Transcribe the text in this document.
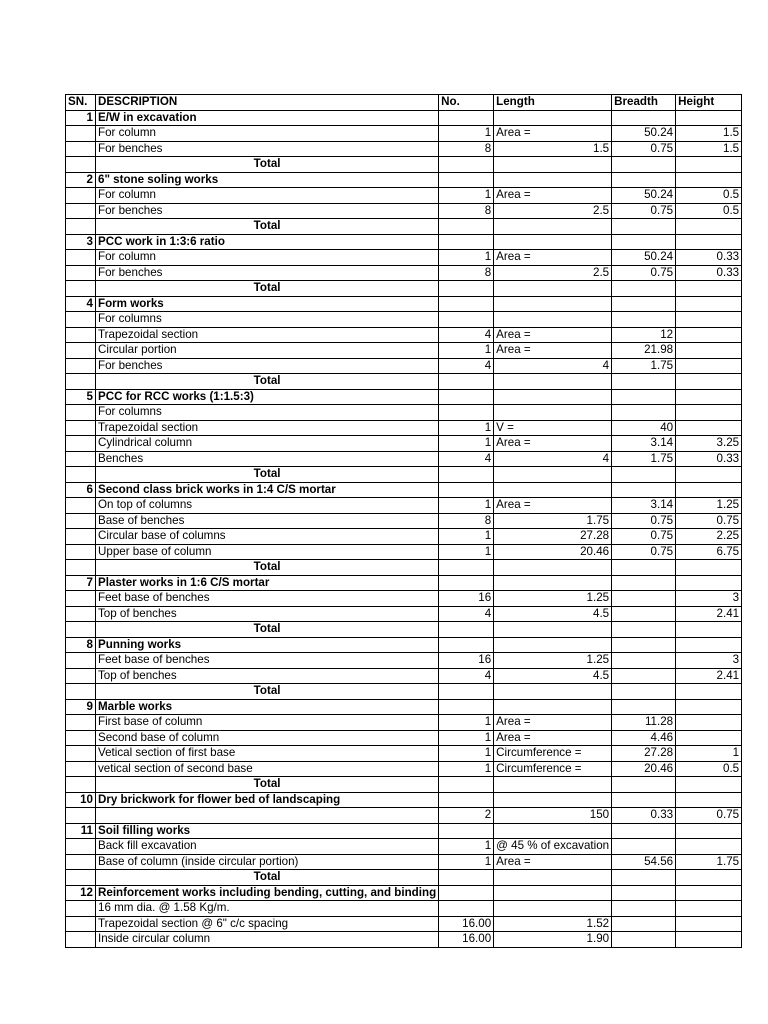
SN.	DESCRIPTION	No.	Length	Breadth	Height
1	E/W in excavation				
	For column	1	Area =	50.24	1.5
	For benches	8	1.5	0.75	1.5
	Total				
2	6" stone soling works				
	For column	1	Area =	50.24	0.5
	For benches	8	2.5	0.75	0.5
	Total				
3	PCC work in 1:3:6 ratio				
	For column	1	Area =	50.24	0.33
	For benches	8	2.5	0.75	0.33
	Total				
4	Form works				
	For columns				
	Trapezoidal section	4	Area =	12	
	Circular portion	1	Area =	21.98	
	For benches	4	4	1.75	
	Total				
5	PCC for RCC works (1:1.5:3)				
	For columns				
	Trapezoidal section	1	V =	40	
	Cylindrical column	1	Area =	3.14	3.25
	Benches	4	4	1.75	0.33
	Total				
6	Second class brick works in 1:4 C/S mortar				
	On top of columns	1	Area =	3.14	1.25
	Base of benches	8	1.75	0.75	0.75
	Circular base of columns	1	27.28	0.75	2.25
	Upper base of column	1	20.46	0.75	6.75
	Total				
7	Plaster works in 1:6 C/S mortar				
	Feet base of benches	16	1.25		3
	Top of benches	4	4.5		2.41
	Total				
8	Punning works				
	Feet base of benches	16	1.25		3
	Top of benches	4	4.5		2.41
	Total				
9	Marble works				
	First base of column	1	Area =	11.28	
	Second base of column	1	Area =	4.46	
	Vetical section of first base	1	Circumference =	27.28	1
	vetical section of second base	1	Circumference =	20.46	0.5
	Total				
10	Dry brickwork for flower bed of landscaping				
		2	150	0.33	0.75
11	Soil filling works				
	Back fill excavation	1	@ 45 % of excavation		
	Base of column (inside circular portion)	1	Area =	54.56	1.75
	Total				
12	Reinforcement works including bending, cutting, and binding				
	16 mm dia. @ 1.58 Kg/m.				
	Trapezoidal section @ 6" c/c spacing	16.00	1.52		
	Inside circular column	16.00	1.90		
